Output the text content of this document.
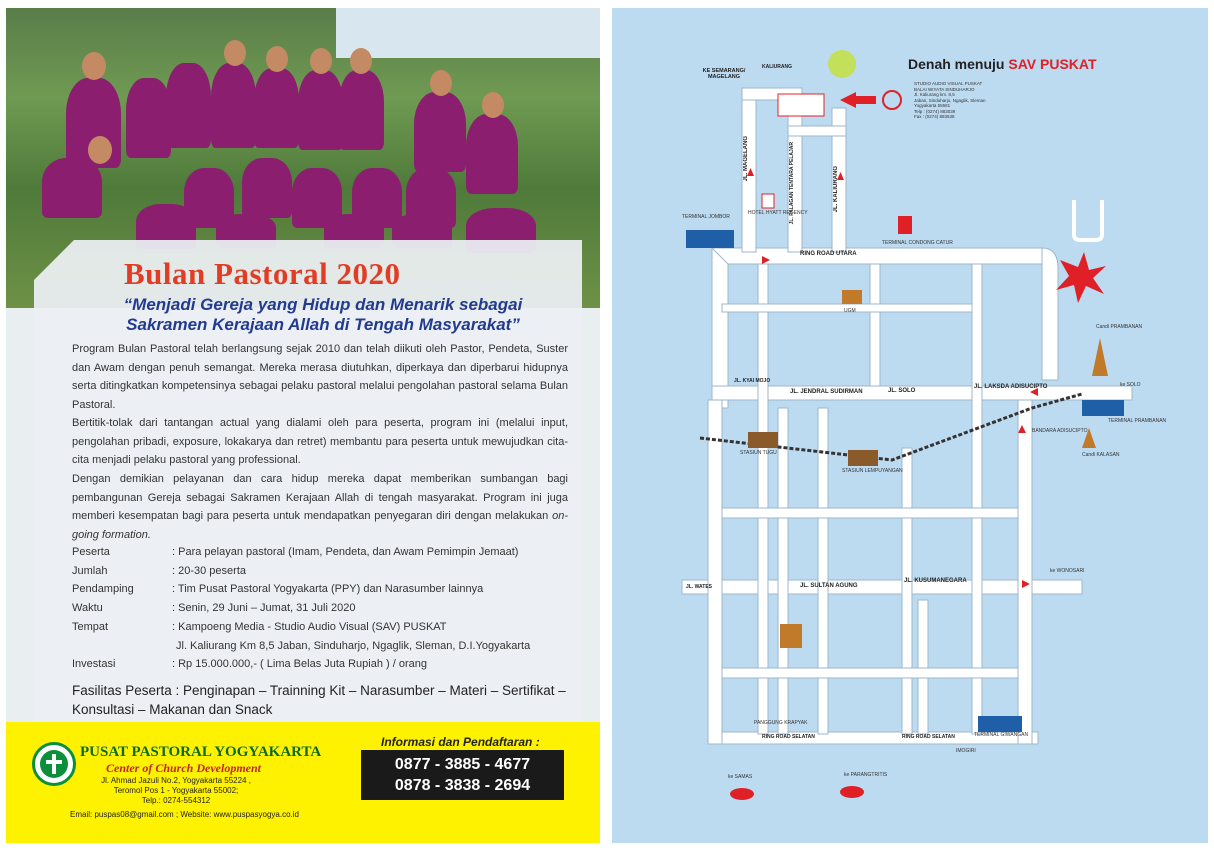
Bulan Pastoral 2020
“Menjadi Gereja yang Hidup dan Menarik sebagai
Sakramen Kerajaan Allah di Tengah Masyarakat”
Program Bulan Pastoral telah berlangsung sejak 2010 dan telah diikuti oleh Pastor, Pendeta, Suster dan Awam dengan penuh semangat. Mereka merasa diutuhkan, diperkaya dan diperbarui hidupnya serta ditingkatkan kompetensinya sebagai pelaku pastoral melalui pengolahan pastoral selama Bulan Pastoral.
Bertitik-tolak dari tantangan actual yang dialami oleh para peserta, program ini (melalui input, pengolahan pribadi, exposure, lokakarya dan retret) membantu para peserta untuk mewujudkan cita-cita menjadi pelaku pastoral yang professional.
Dengan demikian pelayanan dan cara hidup mereka dapat memberikan sumbangan bagi pembangunan Gereja sebagai Sakramen Kerajaan Allah di tengah masyarakat. Program ini juga memberi kesempatan bagi para peserta untuk mendapatkan penyegaran diri dengan melakukan on-going formation.
Peserta	: Para pelayan pastoral (Imam, Pendeta, dan Awam Pemimpin Jemaat)
Jumlah	: 20-30 peserta
Pendamping	: Tim Pusat Pastoral Yogyakarta (PPY) dan Narasumber lainnya
Waktu	: Senin, 29 Juni – Jumat, 31 Juli 2020
Tempat	: Kampoeng Media - Studio Audio Visual (SAV) PUSKAT
Jl. Kaliurang Km 8,5 Jaban, Sinduharjo, Ngaglik, Sleman, D.I.Yogyakarta
Investasi	: Rp 15.000.000,- ( Lima Belas Juta Rupiah ) / orang
Fasilitas Peserta : Penginapan – Trainning Kit – Narasumber – Materi – Sertifikat – Konsultasi – Makanan dan Snack
PUSAT PASTORAL YOGYAKARTA
Center of Church Development
Jl. Ahmad Jazuli No.2, Yogyakarta 55224 ,
Teromol Pos 1 - Yogyakarta 55002;
Telp.: 0274-554312
Email: puspas08@gmail.com ; Website: www.puspasyogya.co.id
Informasi dan Pendaftaran :
0877 - 3885 - 4677
0878 - 3838 - 2694
Denah menuju SAV PUSKAT
STUDIO AUDIO VISUAL PUSKAT
BALAI WIYATA SINDUHARJO
Jl. Kaliurang km. 8,5
Jaban, Sinduharjo, Ngaglik, Sleman
Yogyakarta 55581
Telp : (0274) 883039
Fax : (0274) 883538
RING ROAD UTARA
JL. SOLO
JL. LAKSDA ADISUCIPTO
JL. JENDRAL SUDIRMAN
JL. SULTAN AGUNG
JL. KUSUMANEGARA
RING ROAD SELATAN	RING ROAD SELATAN
JL. MAGELANG	JL. PALAGAN TENTARA PELAJAR	JL. KALIURANG
JL. KYAI MOJO
JL. WATES
KE SEMARANG/ MAGELANG
KALIURANG
TERMINAL JOMBOR
TERMINAL CONDONG CATUR
TERMINAL PRAMBANAN
TERMINAL GIWANGAN
STASIUN TUGU
STASIUN LEMPUYANGAN
BANDARA ADISUCIPTO
Candi PRAMBANAN
Candi KALASAN
UGM
HOTEL HYATT REGENCY
ke SOLO
ke WONOSARI
ke SAMAS	ke PARANGTRITIS
IMOGIRI
PANGGUNG KRAPYAK
